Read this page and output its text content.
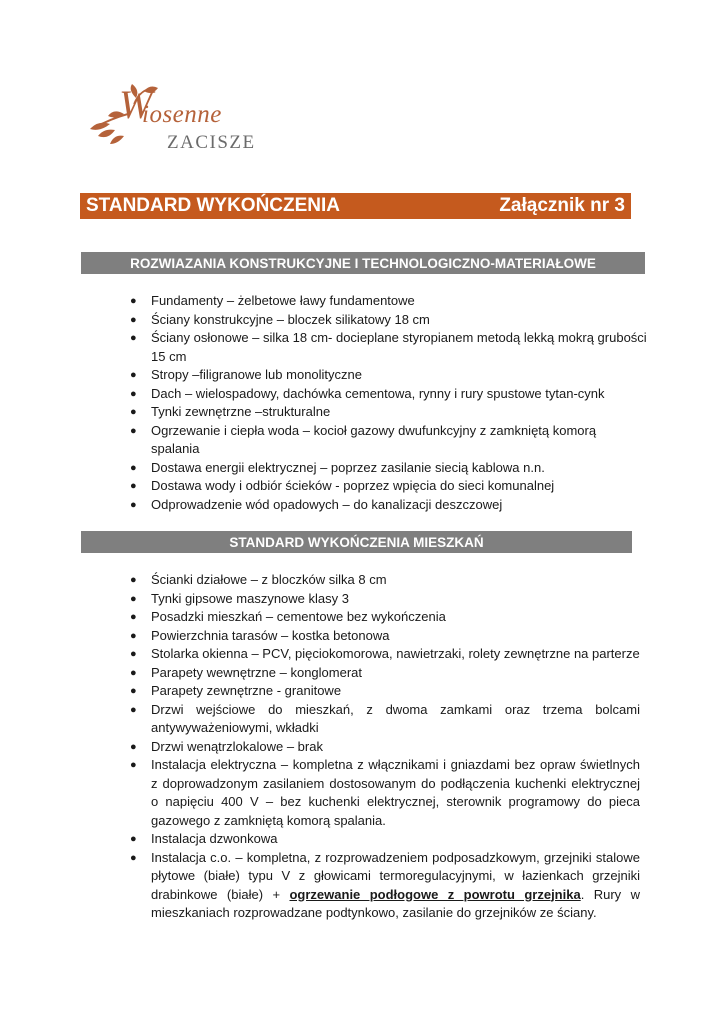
W
iosenne
ZACISZE
STANDARD WYKOŃCZENIA	Załącznik nr 3
ROZWIAZANIA KONSTRUKCYJNE I TECHNOLOGICZNO-MATERIAŁOWE
● Fundamenty – żelbetowe ławy fundamentowe
● Ściany konstrukcyjne – bloczek silikatowy 18 cm
● Ściany osłonowe – silka 18 cm- docieplane styropianem metodą lekką mokrą grubości 15 cm
● Stropy –filigranowe lub monolityczne
● Dach – wielospadowy, dachówka cementowa, rynny i rury spustowe tytan-cynk
● Tynki zewnętrzne –strukturalne
● Ogrzewanie i ciepła woda – kocioł gazowy dwufunkcyjny z zamkniętą komorą spalania
● Dostawa energii elektrycznej – poprzez zasilanie siecią kablowa n.n.
● Dostawa wody i odbiór ścieków - poprzez wpięcia do sieci komunalnej
● Odprowadzenie wód opadowych – do kanalizacji deszczowej
STANDARD WYKOŃCZENIA MIESZKAŃ
● Ścianki działowe – z bloczków silka 8 cm
● Tynki gipsowe maszynowe klasy 3
● Posadzki mieszkań – cementowe bez wykończenia
● Powierzchnia tarasów – kostka betonowa
● Stolarka okienna – PCV, pięciokomorowa, nawietrzaki, rolety zewnętrzne na parterze
● Parapety wewnętrzne – konglomerat
● Parapety zewnętrzne - granitowe
● Drzwi wejściowe do mieszkań, z dwoma zamkami oraz trzema bolcami antywyważeniowymi, wkładki
● Drzwi wenątrzlokalowe – brak
● Instalacja elektryczna – kompletna z włącznikami i gniazdami bez opraw świetlnych z doprowadzonym zasilaniem dostosowanym do podłączenia kuchenki elektrycznej o napięciu 400 V – bez kuchenki elektrycznej, sterownik programowy do pieca gazowego z zamkniętą komorą spalania.
● Instalacja dzwonkowa
● Instalacja c.o. – kompletna, z rozprowadzeniem podposadzkowym, grzejniki stalowe płytowe (białe) typu V z głowicami termoregulacyjnymi, w łazienkach grzejniki drabinkowe (białe) + ogrzewanie podłogowe z powrotu grzejnika. Rury w mieszkaniach rozprowadzane podtynkowo, zasilanie do grzejników ze ściany.
